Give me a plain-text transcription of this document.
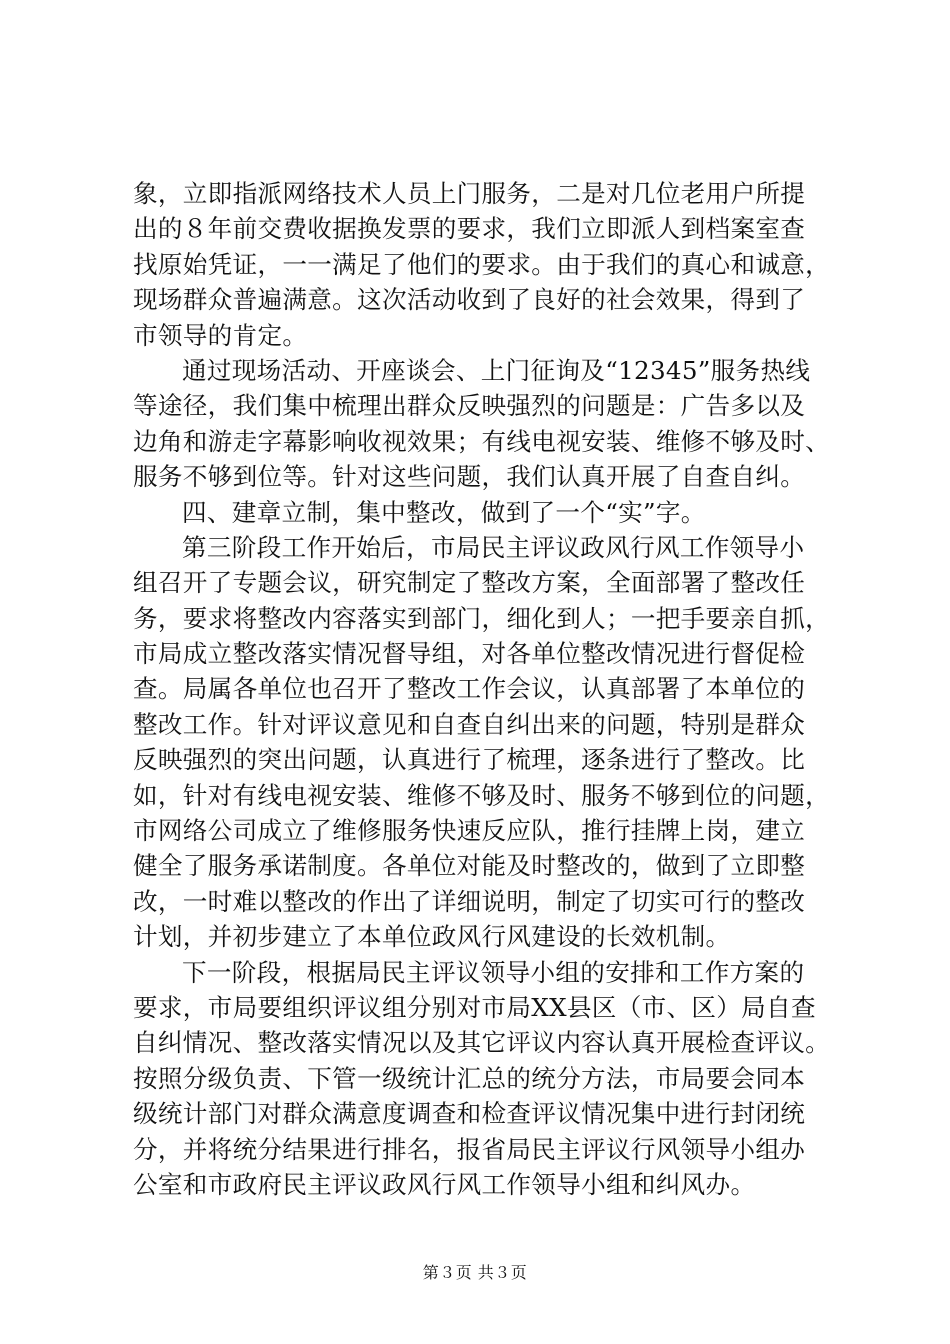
象，立即指派网络技术人员上门服务，二是对几位老用户所提
出的８年前交费收据换发票的要求，我们立即派人到档案室查
找原始凭证，一一满足了他们的要求。由于我们的真心和诚意，
现场群众普遍满意。这次活动收到了良好的社会效果，得到了
市领导的肯定。
通过现场活动、开座谈会、上门征询及“12345”服务热线
等途径，我们集中梳理出群众反映强烈的问题是：广告多以及
边角和游走字幕影响收视效果；有线电视安装、维修不够及时、
服务不够到位等。针对这些问题，我们认真开展了自查自纠。
四、建章立制，集中整改，做到了一个“实”字。
第三阶段工作开始后，市局民主评议政风行风工作领导小
组召开了专题会议，研究制定了整改方案，全面部署了整改任
务，要求将整改内容落实到部门，细化到人；一把手要亲自抓，
市局成立整改落实情况督导组，对各单位整改情况进行督促检
查。局属各单位也召开了整改工作会议，认真部署了本单位的
整改工作。针对评议意见和自查自纠出来的问题，特别是群众
反映强烈的突出问题，认真进行了梳理，逐条进行了整改。比
如，针对有线电视安装、维修不够及时、服务不够到位的问题，
市网络公司成立了维修服务快速反应队，推行挂牌上岗，建立
健全了服务承诺制度。各单位对能及时整改的，做到了立即整
改，一时难以整改的作出了详细说明，制定了切实可行的整改
计划，并初步建立了本单位政风行风建设的长效机制。
下一阶段，根据局民主评议领导小组的安排和工作方案的
要求，市局要组织评议组分别对市局XX县区（市、区）局自查
自纠情况、整改落实情况以及其它评议内容认真开展检查评议。
按照分级负责、下管一级统计汇总的统分方法，市局要会同本
级统计部门对群众满意度调查和检查评议情况集中进行封闭统
分，并将统分结果进行排名，报省局民主评议行风领导小组办
公室和市政府民主评议政风行风工作领导小组和纠风办。
第３页 共３页
